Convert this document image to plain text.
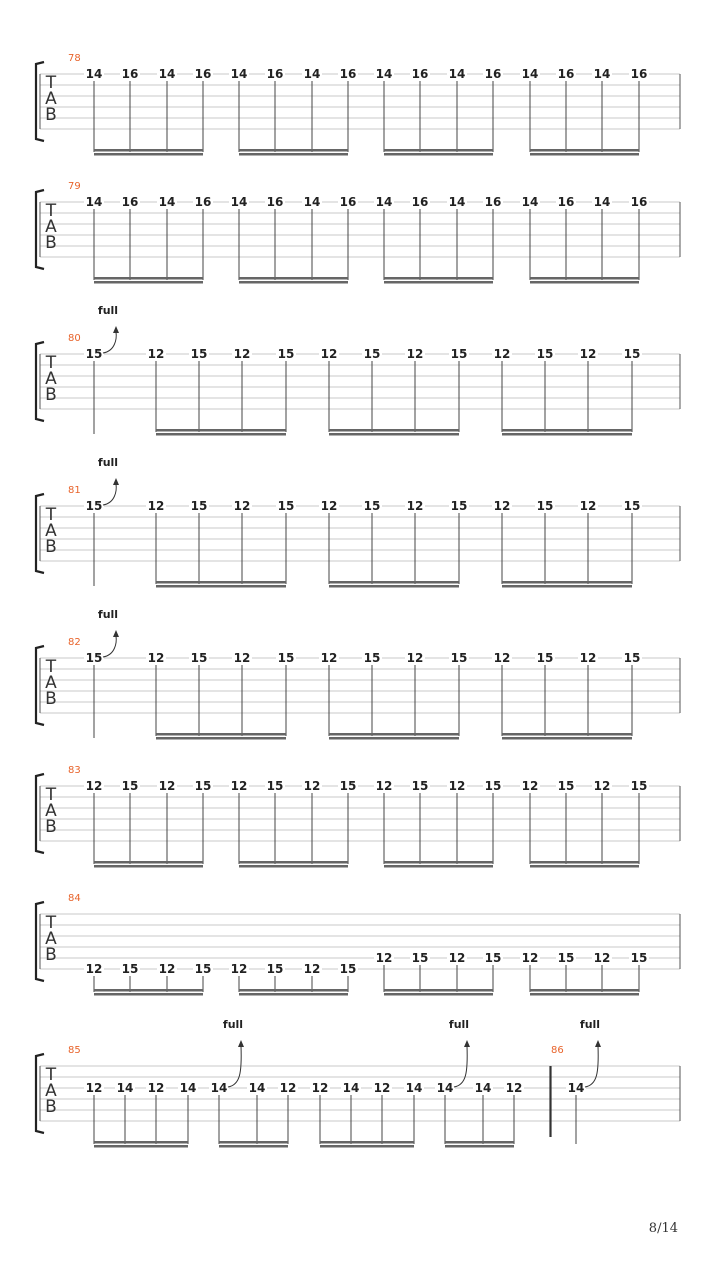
T
A
B
78
14 16 14 16 14 16 14 16 14 16 14 16 14 16 14 16
T
A
B
79
14 16 14 16 14 16 14 16 14 16 14 16 14 16 14 16
T
A
B
80
15
full
12 15 12 15 12 15 12 15 12 15 12 15
T
A
B
81
15
full
12 15 12 15 12 15 12 15 12 15 12 15
T
A
B
82
15
full
12 15 12 15 12 15 12 15 12 15 12 15
T
A
B
83
12 15 12 15 12 15 12 15 12 15 12 15 12 15 12 15
T
A
B
84
12 15 12 15 12 15 12 15
12 15 12 15 12 15 12 15
T
A
B
85
12 14 12 14 14
full
14 12 12 14 12 14 14
full
14 12
86
14
full
8/14
